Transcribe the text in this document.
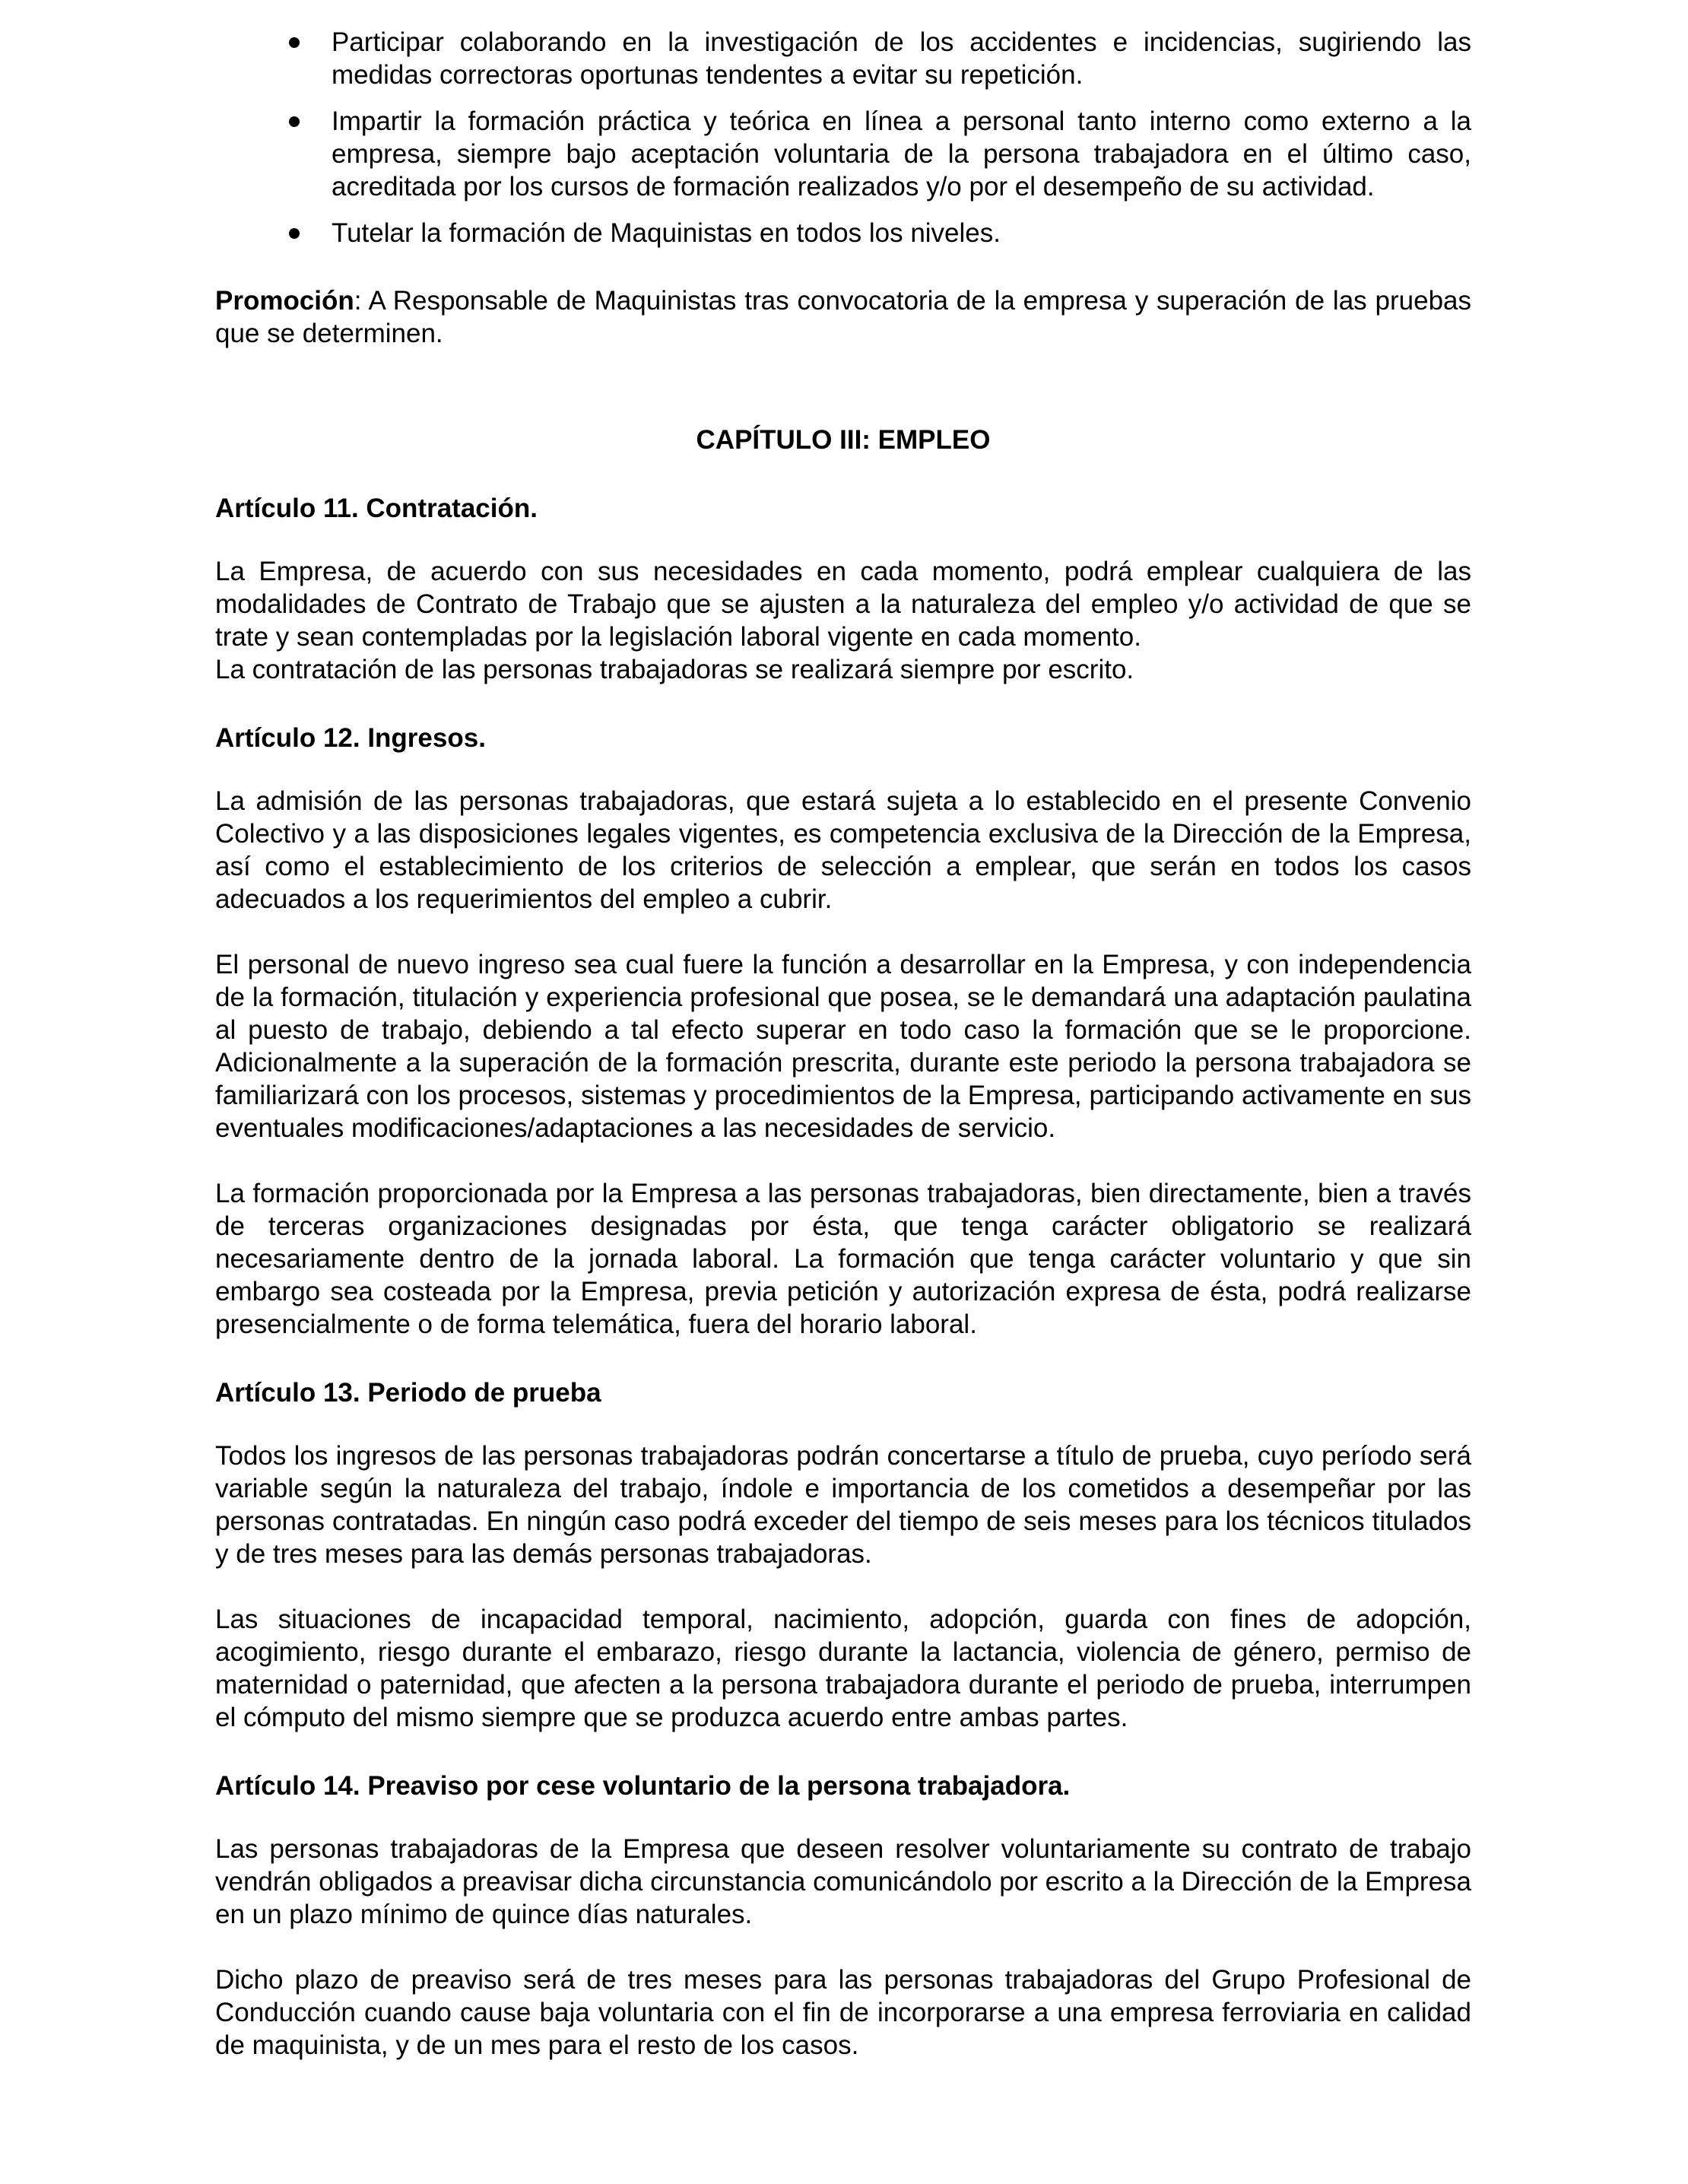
Participar colaborando en la investigación de los accidentes e incidencias, sugiriendo las medidas correctoras oportunas tendentes a evitar su repetición.
Impartir la formación práctica y teórica en línea a personal tanto interno como externo a la empresa, siempre bajo aceptación voluntaria de la persona trabajadora en el último caso, acreditada por los cursos de formación realizados y/o por el desempeño de su actividad.
Tutelar la formación de Maquinistas en todos los niveles.

Promoción: A Responsable de Maquinistas tras convocatoria de la empresa y superación de las pruebas que se determinen.

CAPÍTULO III: EMPLEO
Artículo 11. Contratación.

La Empresa, de acuerdo con sus necesidades en cada momento, podrá emplear cualquiera de las modalidades de Contrato de Trabajo que se ajusten a la naturaleza del empleo y/o actividad de que se trate y sean contempladas por la legislación laboral vigente en cada momento.

La contratación de las personas trabajadoras se realizará siempre por escrito.

Artículo 12. Ingresos.

La admisión de las personas trabajadoras, que estará sujeta a lo establecido en el presente Convenio Colectivo y a las disposiciones legales vigentes, es competencia exclusiva de la Dirección de la Empresa, así como el establecimiento de los criterios de selección a emplear, que serán en todos los casos adecuados a los requerimientos del empleo a cubrir.

El personal de nuevo ingreso sea cual fuere la función a desarrollar en la Empresa, y con independencia de la formación, titulación y experiencia profesional que posea, se le demandará una adaptación paulatina al puesto de trabajo, debiendo a tal efecto superar en todo caso la formación que se le proporcione. Adicionalmente a la superación de la formación prescrita, durante este periodo la persona trabajadora se familiarizará con los procesos, sistemas y procedimientos de la Empresa, participando activamente en sus eventuales modificaciones/adaptaciones a las necesidades de servicio.

La formación proporcionada por la Empresa a las personas trabajadoras, bien directamente, bien a través de terceras organizaciones designadas por ésta, que tenga carácter obligatorio se realizará necesariamente dentro de la jornada laboral. La formación que tenga carácter voluntario y que sin embargo sea costeada por la Empresa, previa petición y autorización expresa de ésta, podrá realizarse presencialmente o de forma telemática, fuera del horario laboral.

Artículo 13. Periodo de prueba

Todos los ingresos de las personas trabajadoras podrán concertarse a título de prueba, cuyo período será variable según la naturaleza del trabajo, índole e importancia de los cometidos a desempeñar por las personas contratadas. En ningún caso podrá exceder del tiempo de seis meses para los técnicos titulados y de tres meses para las demás personas trabajadoras.

Las situaciones de incapacidad temporal, nacimiento, adopción, guarda con fines de adopción, acogimiento, riesgo durante el embarazo, riesgo durante la lactancia, violencia de género, permiso de maternidad o paternidad, que afecten a la persona trabajadora durante el periodo de prueba, interrumpen el cómputo del mismo siempre que se produzca acuerdo entre ambas partes.

Artículo 14. Preaviso por cese voluntario de la persona trabajadora.

Las personas trabajadoras de la Empresa que deseen resolver voluntariamente su contrato de trabajo vendrán obligados a preavisar dicha circunstancia comunicándolo por escrito a la Dirección de la Empresa en un plazo mínimo de quince días naturales.

Dicho plazo de preaviso será de tres meses para las personas trabajadoras del Grupo Profesional de Conducción cuando cause baja voluntaria con el fin de incorporarse a una empresa ferroviaria en calidad de maquinista, y de un mes para el resto de los casos.
